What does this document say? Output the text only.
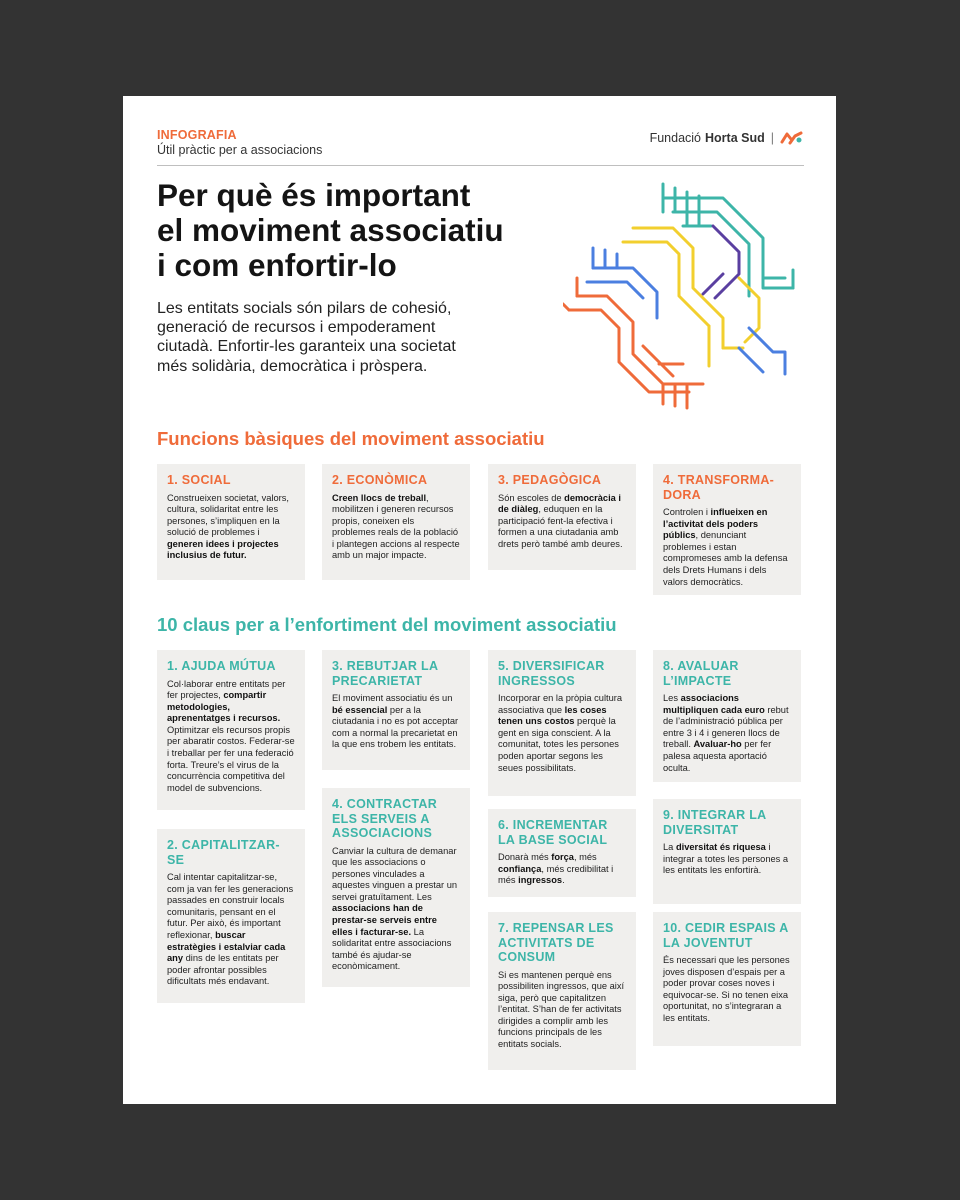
INFOGRAFIA
Útil pràctic per a associacions
Fundació Horta Sud |
Per què és important
el moviment associatiu
i com enfortir-lo

Les entitats socials són pilars de cohesió, generació de recursos i empoderament ciutadà. Enfortir-les garanteix una societat més solidària, democràtica i pròspera.

Funcions bàsiques del moviment associatiu
1. SOCIAL

Construeixen societat, valors, cultura, solidaritat entre les persones, s’impliquen en la solució de problemes i generen idees i projectes inclusius de futur.

2. ECONÒMICA

Creen llocs de treball, mobilitzen i generen recursos propis, coneixen els problemes reals de la població i plantegen accions al respecte amb un major impacte.

3. PEDAGÒGICA

Són escoles de democràcia i de diàleg, eduquen en la participació fent-la efectiva i formen a una ciutadania amb drets però també amb deures.

4. TRANSFORMA-DORA

Controlen i influeixen en l’activitat dels poders públics, denunciant problemes i estan compromeses amb la defensa dels Drets Humans i dels valors democràtics.

10 claus per a l’enfortiment del moviment associatiu
1. AJUDA MÚTUA

Col·laborar entre entitats per fer projectes, compartir metodologies, aprenentatges i recursos. Optimitzar els recursos propis per abaratir costos. Federar-se i treballar per fer una federació forta. Treure’s el virus de la concurrència competitiva del model de subvencions.

2. CAPITALITZAR-SE

Cal intentar capitalitzar-se, com ja van fer les generacions passades en construir locals comunitaris, pensant en el futur. Per això, és important reflexionar, buscar estratègies i estalviar cada any dins de les entitats per poder afrontar possibles dificultats més endavant.

3. REBUTJAR LA PRECARIETAT

El moviment associatiu és un bé essencial per a la ciutadania i no es pot acceptar com a normal la precarietat en la que ens trobem les entitats.

4. CONTRACTAR ELS SERVEIS A ASSOCIACIONS

Canviar la cultura de demanar que les associacions o persones vinculades a aquestes vinguen a prestar un servei gratuïtament. Les associacions han de prestar-se serveis entre elles i facturar-se. La solidaritat entre associacions també és ajudar-se econòmicament.

5. DIVERSIFICAR INGRESSOS

Incorporar en la pròpia cultura associativa que les coses tenen uns costos perquè la gent en siga conscient. A la comunitat, totes les persones poden aportar segons les seues possibilitats.

6. INCREMENTAR LA BASE SOCIAL

Donarà més força, més confiança, més credibilitat i més ingressos.

7. REPENSAR LES ACTIVITATS DE CONSUM

Si es mantenen perquè ens possibiliten ingressos, que així siga, però que capitalitzen l’entitat. S’han de fer activitats dirigides a complir amb les funcions principals de les entitats socials.

8. AVALUAR L’IMPACTE

Les associacions multipliquen cada euro rebut de l’administració pública per entre 3 i 4 i generen llocs de treball. Avaluar-ho per fer palesa aquesta aportació oculta.

9. INTEGRAR LA DIVERSITAT

La diversitat és riquesa i integrar a totes les persones a les entitats les enfortirà.

10. CEDIR ESPAIS A LA JOVENTUT

És necessari que les persones joves disposen d’espais per a poder provar coses noves i equivocar-se. Si no tenen eixa oportunitat, no s’integraran a les entitats.
